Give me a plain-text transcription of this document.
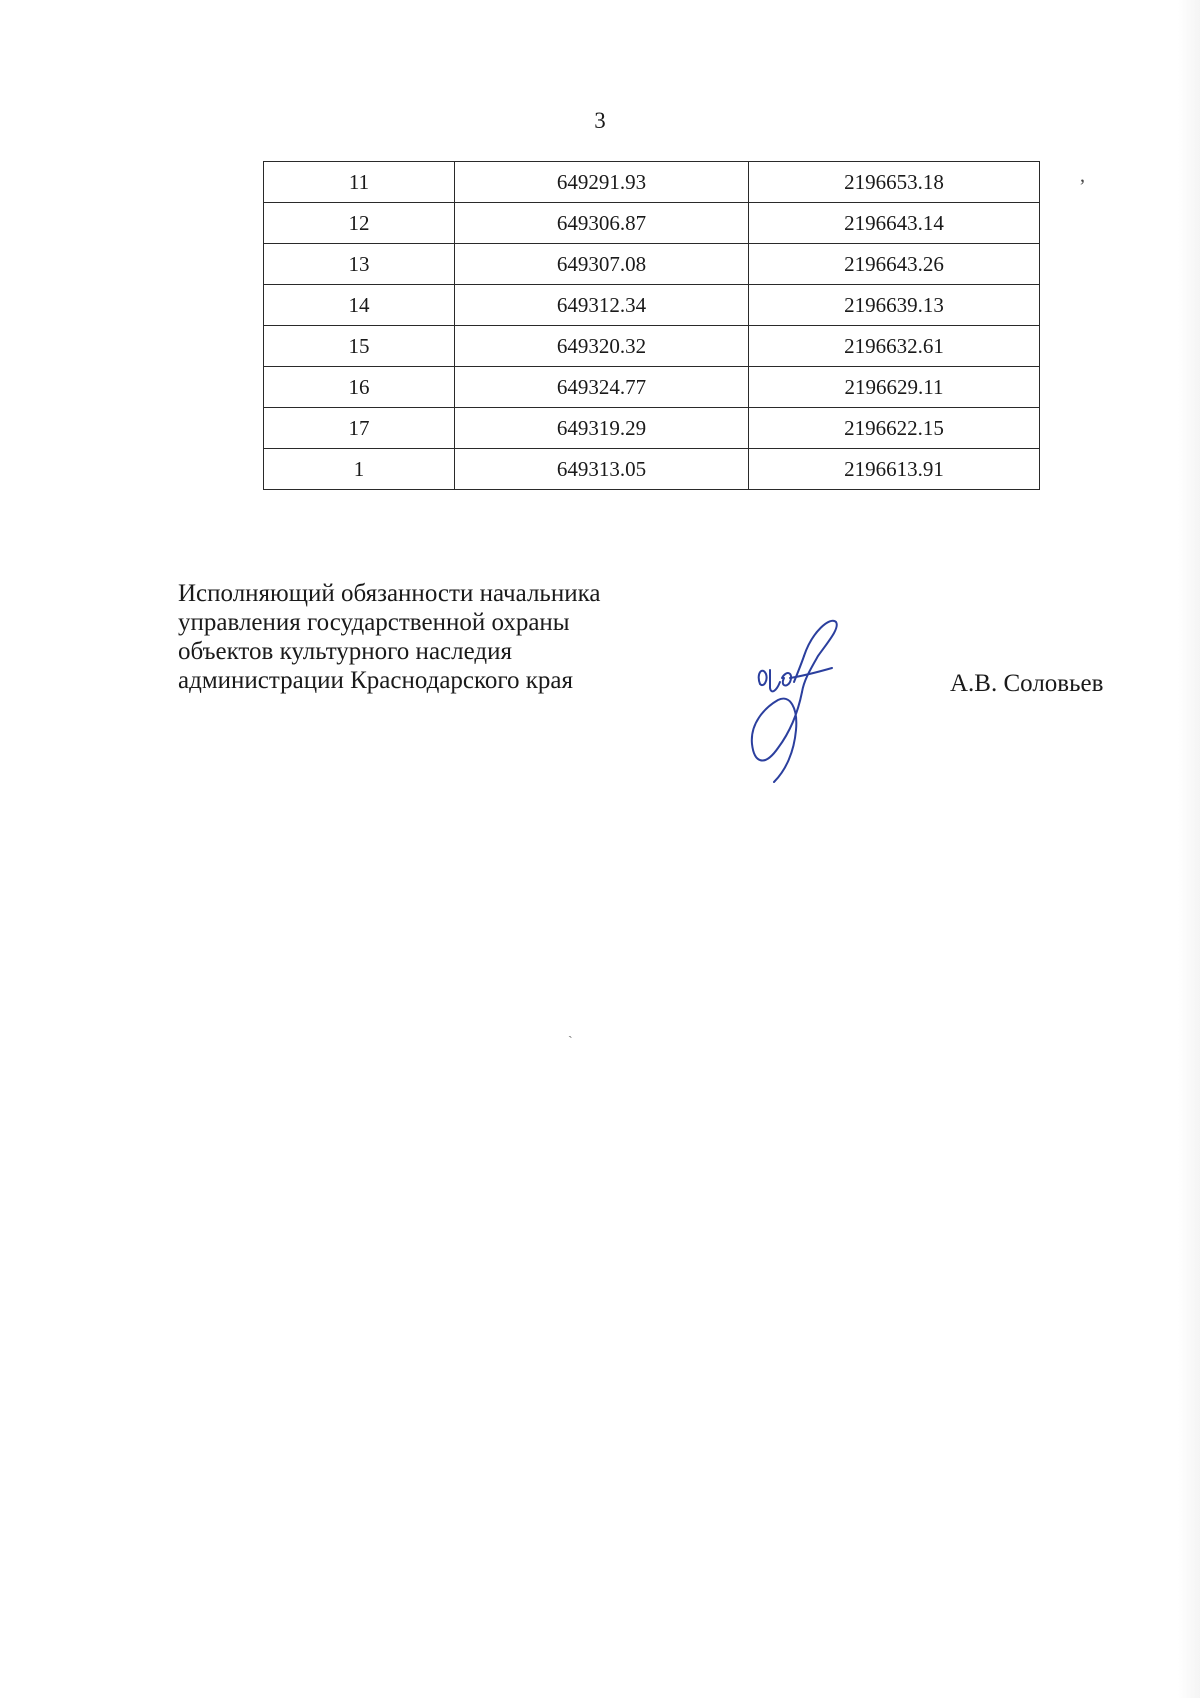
3
ʼ
11	649291.93	2196653.18
12	649306.87	2196643.14
13	649307.08	2196643.26
14	649312.34	2196639.13
15	649320.32	2196632.61
16	649324.77	2196629.11
17	649319.29	2196622.15
1	649313.05	2196613.91
Исполняющий обязанности начальника
управления государственной охраны
объектов культурного наследия
администрации Краснодарского края	А.В. Соловьев
ˎ
